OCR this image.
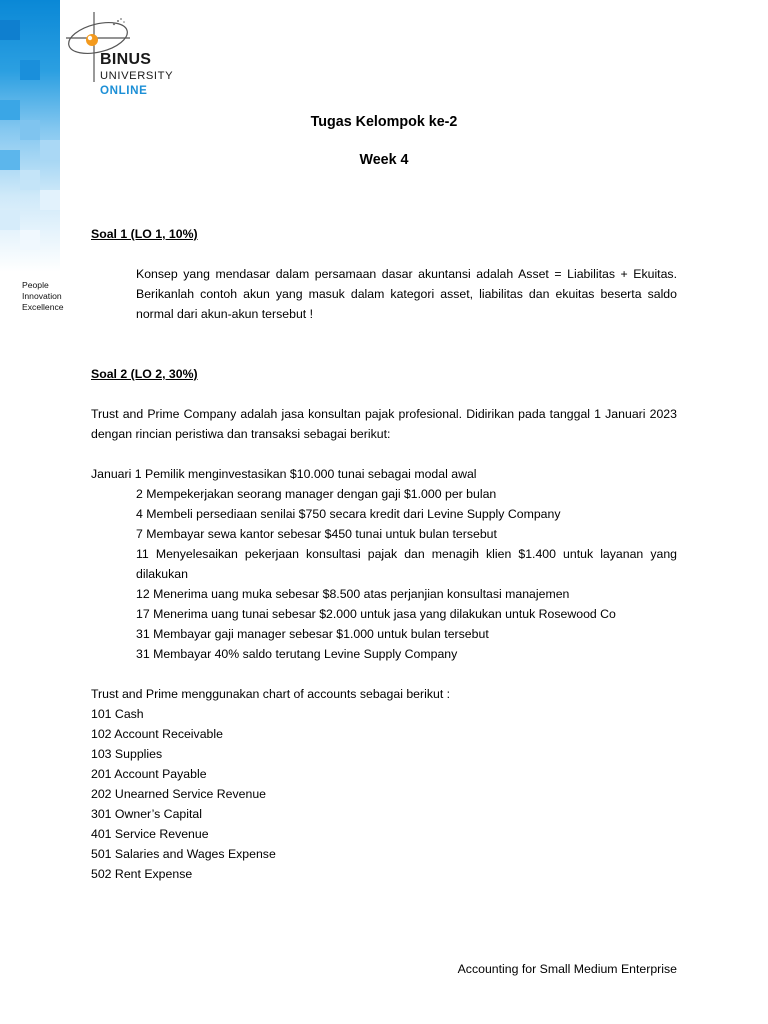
People
Innovation
Excellence
BINUS
UNIVERSITY
ONLINE
Tugas Kelompok ke-2
Week 4
Soal 1 (LO 1, 10%)
Konsep yang mendasar dalam persamaan dasar akuntansi adalah Asset = Liabilitas + Ekuitas. Berikanlah contoh akun yang masuk dalam kategori asset, liabilitas dan ekuitas beserta saldo normal dari akun-akun tersebut !
Soal 2 (LO 2, 30%)
Trust and Prime Company adalah jasa konsultan pajak profesional. Didirikan pada tanggal 1 Januari 2023 dengan rincian peristiwa dan transaksi sebagai berikut:
Januari 1 Pemilik menginvestasikan $10.000 tunai sebagai modal awal
2 Mempekerjakan seorang manager dengan gaji $1.000 per bulan
4 Membeli persediaan senilai $750 secara kredit dari Levine Supply Company
7 Membayar sewa kantor sebesar $450 tunai untuk bulan tersebut
11 Menyelesaikan pekerjaan konsultasi pajak dan menagih klien $1.400 untuk layanan yang dilakukan
12 Menerima uang muka sebesar $8.500 atas perjanjian konsultasi manajemen
17 Menerima uang tunai sebesar $2.000 untuk jasa yang dilakukan untuk Rosewood Co
31 Membayar gaji manager sebesar $1.000 untuk bulan tersebut
31 Membayar 40% saldo terutang Levine Supply Company
Trust and Prime menggunakan chart of accounts sebagai berikut :
101 Cash
102 Account Receivable
103 Supplies
201 Account Payable
202 Unearned Service Revenue
301 Owner’s Capital
401 Service Revenue
501 Salaries and Wages Expense
502 Rent Expense
Accounting for Small Medium Enterprise
